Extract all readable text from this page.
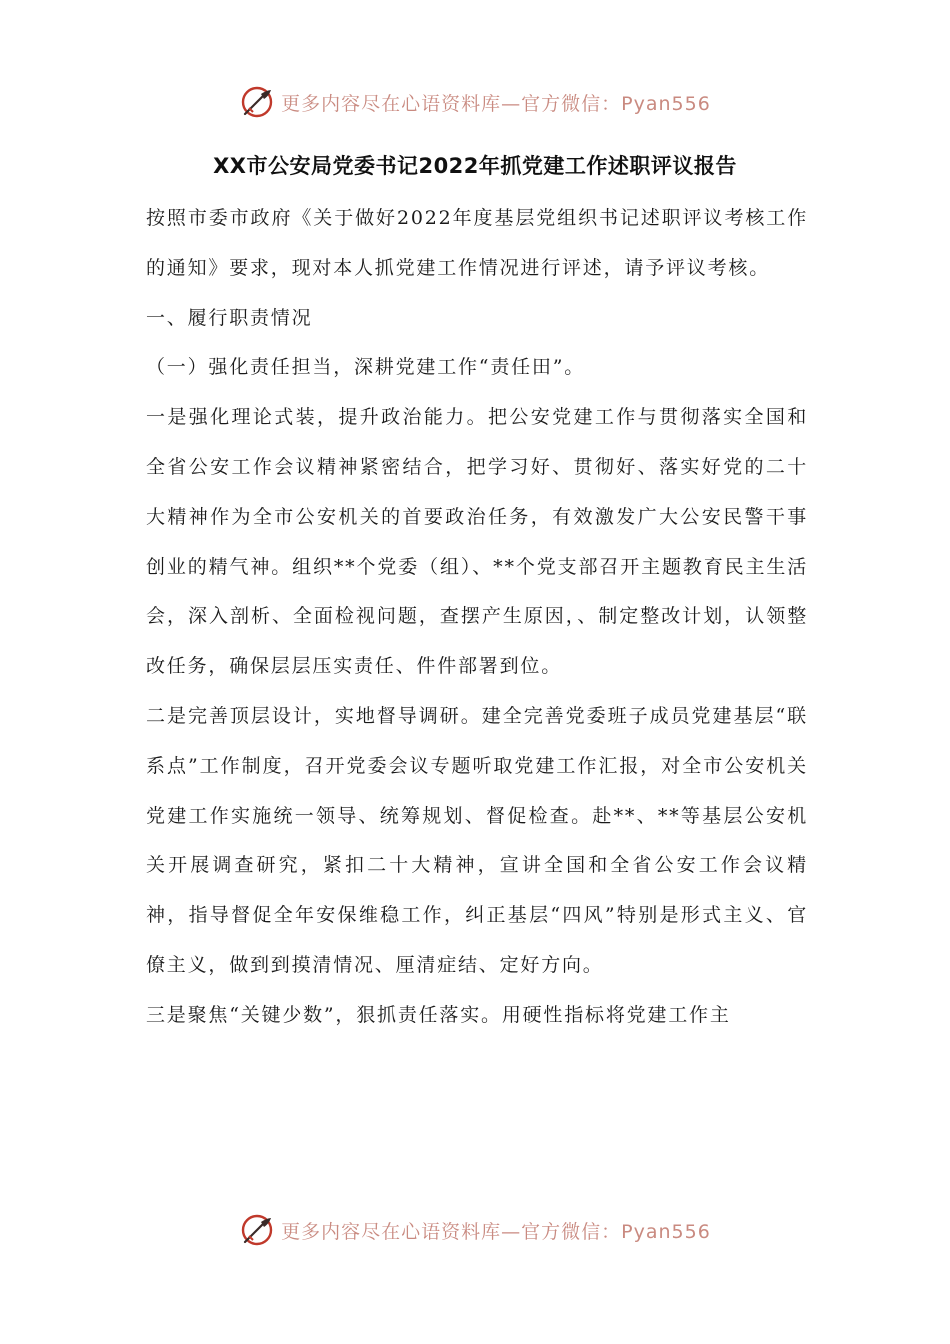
更多内容尽在心语资料库—官方微信：Pyan556
XX市公安局党委书记2022年抓党建工作述职评议报告

按照市委市政府《关于做好2022年度基层党组织书记述职评议考核工作的通知》要求，现对本人抓党建工作情况进行评述，请予评议考核。

一、履行职责情况

（一）强化责任担当，深耕党建工作“责任田”。

一是强化理论式装，提升政治能力。把公安党建工作与贯彻落实全国和全省公安工作会议精神紧密结合，把学习好、贯彻好、落实好党的二十大精神作为全市公安机关的首要政治任务，有效激发广大公安民警干事创业的精气神。组织**个党委（组）、**个党支部召开主题教育民主生活会，深入剖析、全面检视问题，查摆产生原因，、制定整改计划，认领整改任务，确保层层压实责任、件件部署到位。

二是完善顶层设计，实地督导调研。建全完善党委班子成员党建基层“联系点”工作制度，召开党委会议专题听取党建工作汇报，对全市公安机关党建工作实施统一领导、统筹规划、督促检查。赴**、**等基层公安机关开展调查研究，紧扣二十大精神，宣讲全国和全省公安工作会议精神，指导督促全年安保维稳工作，纠正基层“四风”特别是形式主义、官僚主义，做到到摸清情况、厘清症结、定好方向。

三是聚焦“关键少数”，狠抓责任落实。用硬性指标将党建工作主

更多内容尽在心语资料库—官方微信：Pyan556
